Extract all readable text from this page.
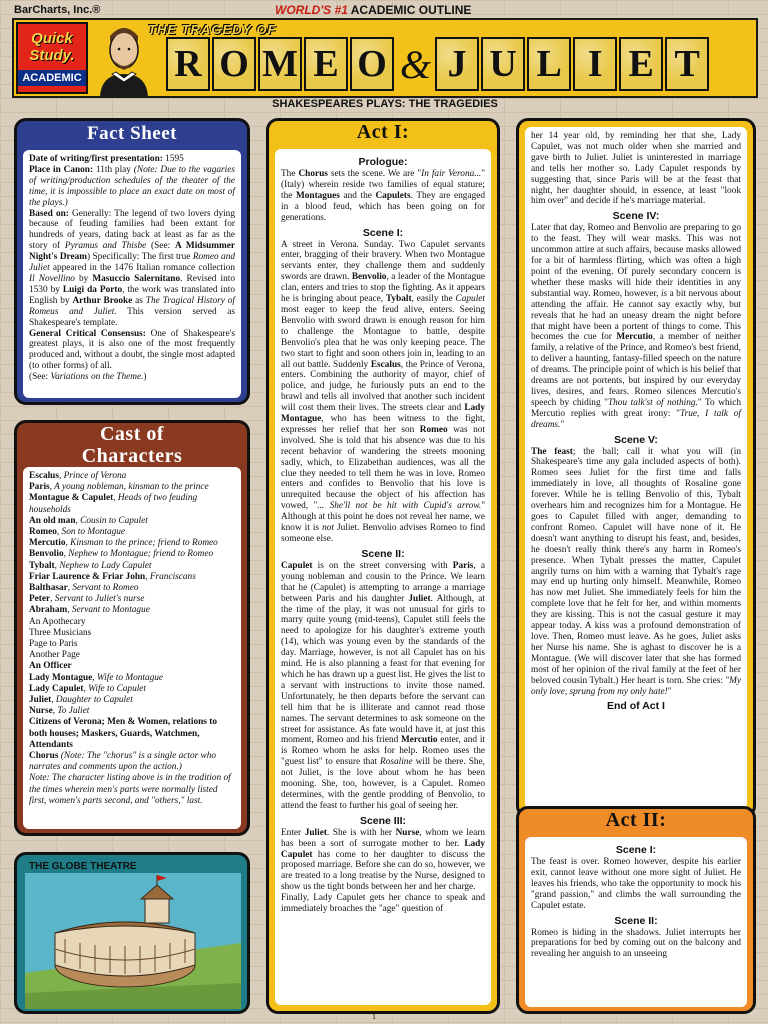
BarCharts, Inc.®	WORLD'S #1 ACADEMIC OUTLINE
Quick
Study.
ACADEMIC
THE TRAGEDY OF
R O M E O & J U L I E T
SHAKESPEARES PLAYS: THE TRAGEDIES
Fact Sheet

Date of writing/first presentation: 1595

Place in Canon: 11th play (Note: Due to the vagaries of writing/production schedules of the theater of the time, it is impossible to place an exact date on most of the plays.)

Based on: Generally: The legend of two lovers dying because of feuding families had been extant for hundreds of years, dating back at least as far as the story of Pyramus and Thisbe (See: A Midsummer Night's Dream) Specifically: The first true Romeo and Juliet appeared in the 1476 Italian romance collection Il Novellino by Masuccio Salernitano. Revised into 1530 by Luigi da Porto, the work was translated into English by Arthur Brooke as The Tragical History of Romeus and Juliet. This version served as Shakespeare's template.

General Critical Consensus: One of Shakespeare's greatest plays, it is also one of the most frequently produced and, without a doubt, the single most adapted (to other forms) of all.

(See: Variations on the Theme.)

Cast of
Characters
Escalus, Prince of Verona
Paris, A young nobleman, kinsman to the prince
Montague & Capulet, Heads of two feuding households
An old man, Cousin to Capulet
Romeo, Son to Montague
Mercutio, Kinsman to the prince; friend to Romeo
Benvolio, Nephew to Montague; friend to Romeo
Tybalt, Nephew to Lady Capulet
Friar Laurence & Friar John, Franciscans
Balthasar, Servant to Romeo
Peter, Servant to Juliet's nurse
Abraham, Servant to Montague
An Apothecary
Three Musicians
Page to Paris
Another Page
An Officer
Lady Montague, Wife to Montague
Lady Capulet, Wife to Capulet
Juliet, Daughter to Capulet
Nurse, To Juliet

Citizens of Verona; Men & Women, relations to both houses; Maskers, Guards, Watchmen, Attendants

Chorus (Note: The "chorus" is a single actor who narrates and comments upon the action.)

Note: The character listing above is in the tradition of the times wherein men's parts were normally listed first, women's parts second, and "others," last.

THE GLOBE THEATRE
Act I:
Prologue:

The Chorus sets the scene. We are "In fair Verona..." (Italy) wherein reside two families of equal stature; the Montagues and the Capulets. They are engaged in a blood feud, which has been going on for generations.

Scene I:

A street in Verona. Sunday. Two Capulet servants enter, bragging of their bravery. When two Montague servants enter, they challenge them and suddenly swords are drawn. Benvolio, a leader of the Montague clan, enters and tries to stop the fighting. As it appears he is bringing about peace, Tybalt, easily the Capulet most eager to keep the feud alive, enters. Seeing Benvolio with sword drawn is enough reason for him to challenge the Montague to battle, despite Benvolio's plea that he was only keeping peace. The two start to fight and soon others join in, leading to an all out battle. Suddenly Escalus, the Prince of Verona, enters. Combining the authority of mayor, chief of police, and judge, he furiously puts an end to the brawl and tells all involved that another such incident will cost them their lives. The streets clear and Lady Montague, who has been witness to the fight, expresses her relief that her son Romeo was not involved. She is told that his absence was due to his recent behavior of wandering the streets mooning sadly, which, to Elizabethan audiences, was all the clue they needed to tell them he was in love. Romeo enters and confides to Benvolio that his love is unrequited because the object of his affection has vowed, "... She'll not be hit with Cupid's arrow." Although at this point he does not reveal her name, we know it is not Juliet. Benvolio advises Romeo to find someone else.

Scene II:

Capulet is on the street conversing with Paris, a young nobleman and cousin to the Prince. We learn that he (Capulet) is attempting to arrange a marriage between Paris and his daughter Juliet. Although, at the time of the play, it was not unusual for girls to marry quite young (mid-teens), Capulet still feels the need to apologize for his daughter's extreme youth (14), which was young even by the standards of the day. Marriage, however, is not all Capulet has on his mind. He is also planning a feast for that evening for which he has drawn up a guest list. He gives the list to a servant with instructions to invite those named. Unfortunately, he then departs before the servant can tell him that he is illiterate and cannot read those names. The servant determines to ask someone on the street for assistance. As fate would have it, at just this moment, Romeo and his friend Mercutio enter, and it is Romeo whom he asks for help. Romeo uses the "guest list" to ensure that Rosaline will be there. She, not Juliet, is the love about whom he has been mooning. She, too, however, is a Capulet. Romeo determines, with the gentle prodding of Benvolio, to attend the feast to further his goal of seeing her.

Scene III:

Enter Juliet. She is with her Nurse, whom we learn has been a sort of surrogate mother to her. Lady Capulet has come to her daughter to discuss the proposed marriage. Before she can do so, however, we are treated to a long treatise by the Nurse, designed to show us the tight bonds between her and her charge.

Finally, Lady Capulet gets her chance to speak and immediately broaches the "age" question of

her 14 year old, by reminding her that she, Lady Capulet, was not much older when she married and gave birth to Juliet. Juliet is uninterested in marriage and tells her mother so. Lady Capulet responds by suggesting that, since Paris will be at the feast that night, her daughter should, in essence, at least "look him over" and decide if he's marriage material.

Scene IV:

Later that day, Romeo and Benvolio are preparing to go to the feast. They will wear masks. This was not uncommon attire at such affairs, because masks allowed for a bit of harmless flirting, which was often a high point of the evening. Of purely secondary concern is whether these masks will hide their identities in any substantial way. Romeo, however, is a bit nervous about attending the affair. He cannot say exactly why, but reveals that he had an uneasy dream the night before that might have been a portent of things to come. This becomes the cue for Mercutio, a member of neither family, a relative of the Prince, and Romeo's best friend, to deliver a haunting, fantasy-filled speech on the nature of dreams. The principle point of which is his belief that dreams are not portents, but inspired by our everyday lives, desires, and fears. Romeo silences Mercutio's speech by chiding "Thou talk'st of nothing." To which Mercutio replies with great irony: "True, I talk of dreams."

Scene V:

The feast; the ball; call it what you will (in Shakespeare's time any gala included aspects of both). Romeo sees Juliet for the first time and falls immediately in love, all thoughts of Rosaline gone forever. While he is telling Benvolio of this, Tybalt overhears him and recognizes him for a Montague. He goes to Capulet filled with anger, demanding to confront Romeo. Capulet will have none of it. He doesn't want anything to disrupt his feast, and, besides, he doesn't really think there's any harm in Romeo's presence. When Tybalt presses the matter, Capulet angrily turns on him with a warning that Tybalt's rage may end up hurting only himself. Meanwhile, Romeo has now met Juliet. She immediately feels for him the complete love that he felt for her, and within moments they are kissing. This is not the casual gesture it may appear today. A kiss was a profound demonstration of love. Then, Romeo must leave. As he goes, Juliet asks her Nurse his name. She is aghast to discover he is a Montague. (We will discover later that she has formed most of her opinion of the rival family at the feet of her beloved cousin Tybalt.) Her heart is torn. She cries: "My only love, sprung from my only hate!"

End of Act I
Act II:
Scene I:

The feast is over. Romeo however, despite his earlier exit, cannot leave without one more sight of Juliet. He leaves his friends, who take the opportunity to mock his "grand passion," and climbs the wall surrounding the Capulet estate.

Scene II:

Romeo is hiding in the shadows. Juliet interrupts her preparations for bed by coming out on the balcony and revealing her anguish to an unseeing

1
